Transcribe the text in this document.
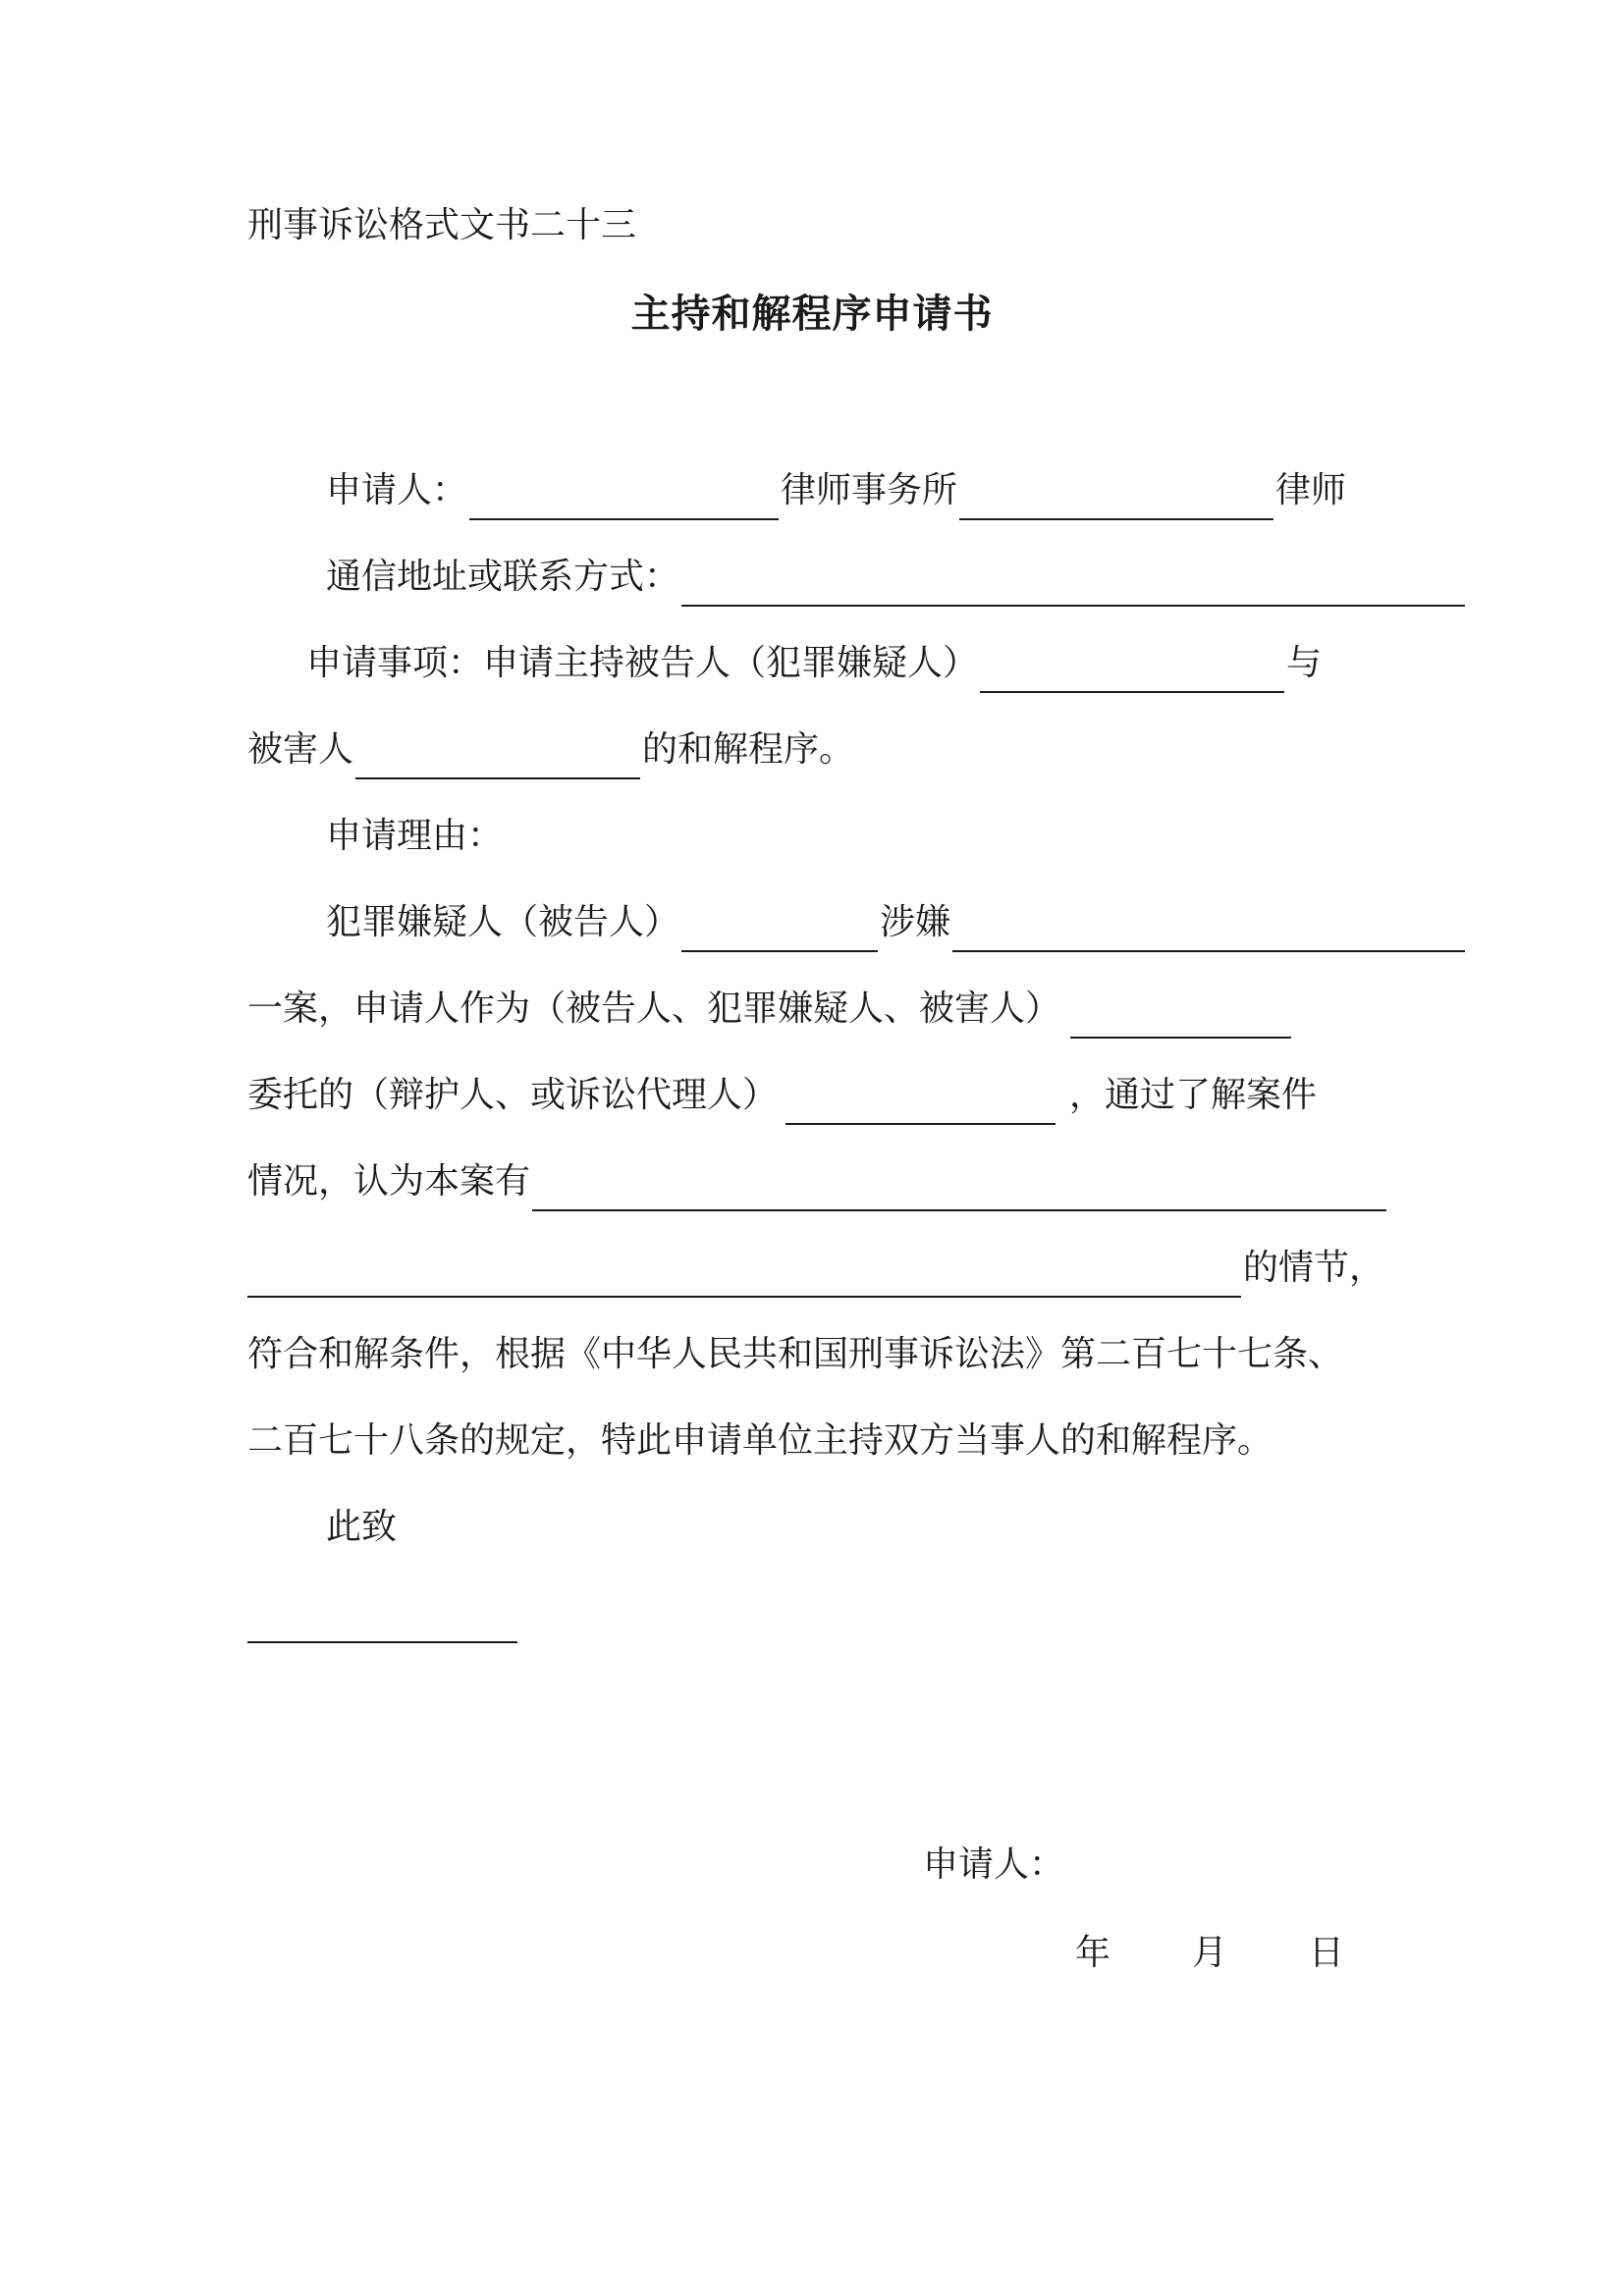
刑事诉讼格式文书二十三
主持和解程序申请书
申请人：	律师事务所	律师
通信地址或联系方式：
申请事项：申请主持被告人（犯罪嫌疑人）	与
被害人	的和解程序。
申请理由：
犯罪嫌疑人（被告人）	涉嫌
一案，申请人作为（被告人、犯罪嫌疑人、被害人）
委托的（辩护人、或诉讼代理人）	，通过了解案件
情况，认为本案有
的情节，
符合和解条件，根据《中华人民共和国刑事诉讼法》第二百七十七条、
二百七十八条的规定，特此申请单位主持双方当事人的和解程序。
此致
申请人：
年 月 日
